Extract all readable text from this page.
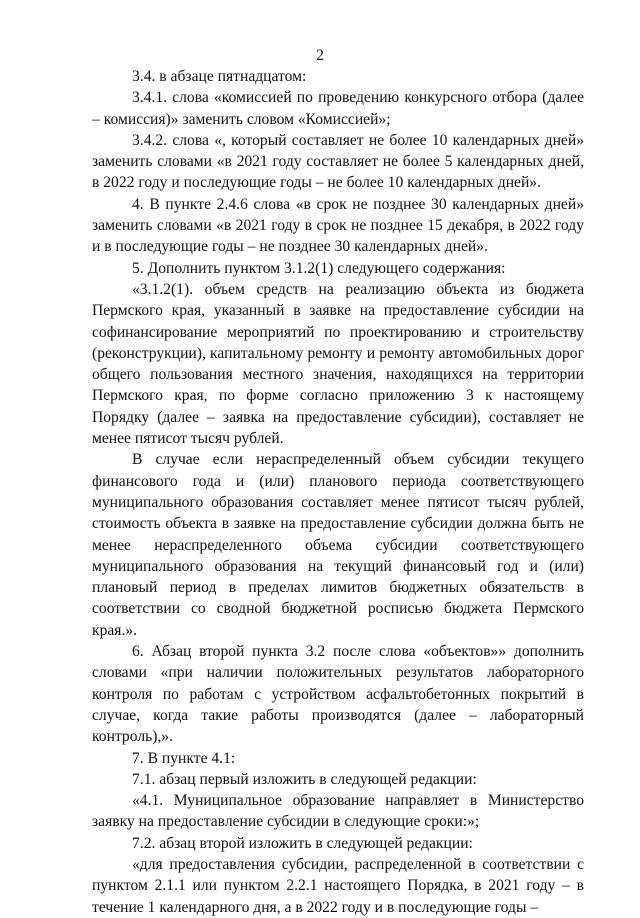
2

3.4. в абзаце пятнадцатом:

3.4.1. слова «комиссией по проведению конкурсного отбора (далее – комиссия)» заменить словом «Комиссией»;

3.4.2. слова «, который составляет не более 10 календарных дней» заменить словами «в 2021 году составляет не более 5 календарных дней, в 2022 году и последующие годы – не более 10 календарных дней».

4. В пункте 2.4.6 слова «в срок не позднее 30 календарных дней» заменить словами «в 2021 году в срок не позднее 15 декабря, в 2022 году и в последующие годы – не позднее 30 календарных дней».

5. Дополнить пунктом 3.1.2(1) следующего содержания:

«3.1.2(1). объем средств на реализацию объекта из бюджета Пермского края, указанный в заявке на предоставление субсидии на софинансирование мероприятий по проектированию и строительству (реконструкции), капитальному ремонту и ремонту автомобильных дорог общего пользования местного значения, находящихся на территории Пермского края, по форме согласно приложению 3 к настоящему Порядку (далее – заявка на предоставление субсидии), составляет не менее пятисот тысяч рублей.

В случае если нераспределенный объем субсидии текущего финансового года и (или) планового периода соответствующего муниципального образования составляет менее пятисот тысяч рублей, стоимость объекта в заявке на предоставление субсидии должна быть не менее нераспределенного объема субсидии соответствующего муниципального образования на текущий финансовый год и (или) плановый период в пределах лимитов бюджетных обязательств в соответствии со сводной бюджетной росписью бюджета Пермского края.».

6. Абзац второй пункта 3.2 после слова «объектов»» дополнить словами «при наличии положительных результатов лабораторного контроля по работам с устройством асфальтобетонных покрытий в случае, когда такие работы производятся (далее – лабораторный контроль),».

7. В пункте 4.1:

7.1. абзац первый изложить в следующей редакции:

«4.1. Муниципальное образование направляет в Министерство заявку на предоставление субсидии в следующие сроки:»;

7.2. абзац второй изложить в следующей редакции:

«для предоставления субсидии, распределенной в соответствии с пунктом 2.1.1 или пунктом 2.2.1 настоящего Порядка, в 2021 году – в течение 1 календарного дня, а в 2022 году и в последующие годы –
